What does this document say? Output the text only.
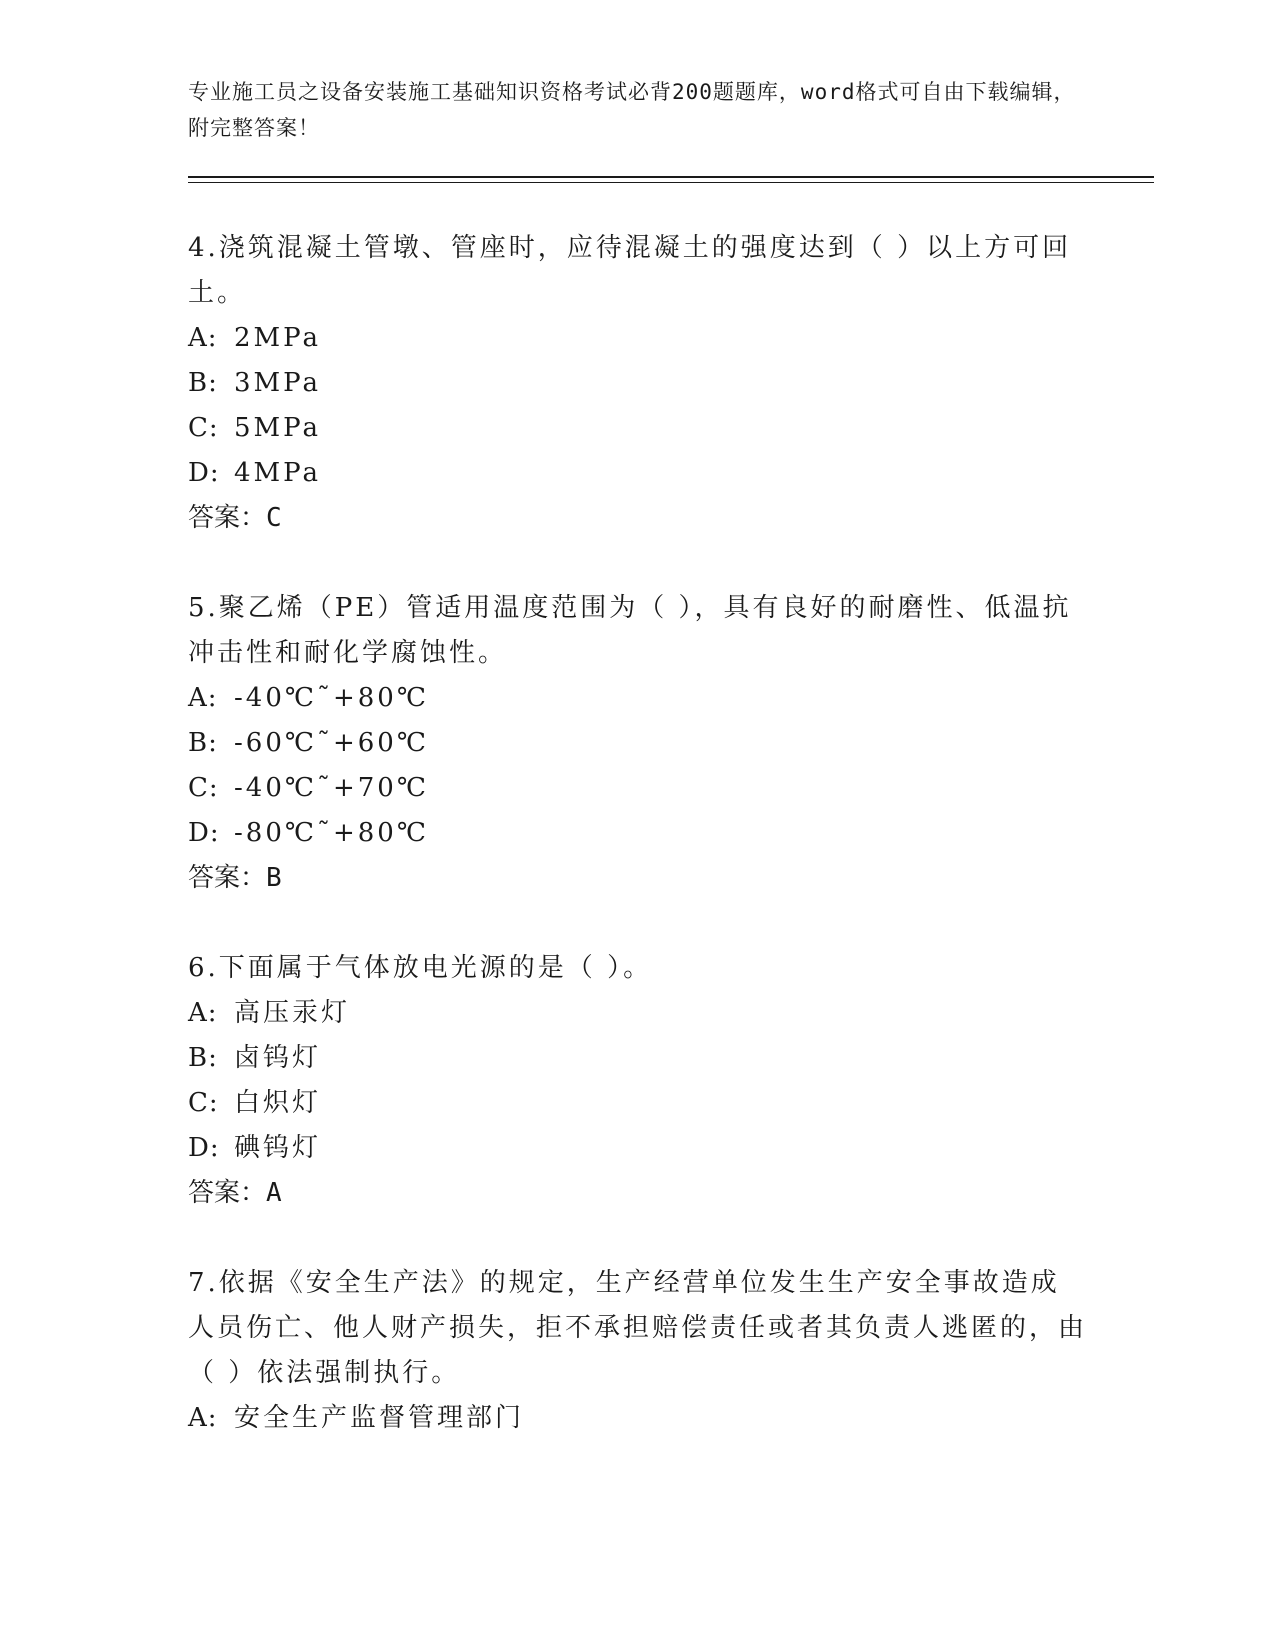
专业施工员之设备安装施工基础知识资格考试必背200题题库，word格式可自由下载编辑，附完整答案！

4.浇筑混凝土管墩、管座时，应待混凝土的强度达到（ ）以上方可回土。

A: 2MPa

B: 3MPa

C: 5MPa

D: 4MPa

答案：C

5.聚乙烯（PE）管适用温度范围为（ ），具有良好的耐磨性、低温抗冲击性和耐化学腐蚀性。

A: -40℃˜+80℃

B: -60℃˜+60℃

C: -40℃˜+70℃

D: -80℃˜+80℃

答案：B

6.下面属于气体放电光源的是（ ）。

A: 高压汞灯

B: 卤钨灯

C: 白炽灯

D: 碘钨灯

答案：A

7.依据《安全生产法》的规定，生产经营单位发生生产安全事故造成人员伤亡、他人财产损失，拒不承担赔偿责任或者其负责人逃匿的，由（ ）依法强制执行。

A: 安全生产监督管理部门
